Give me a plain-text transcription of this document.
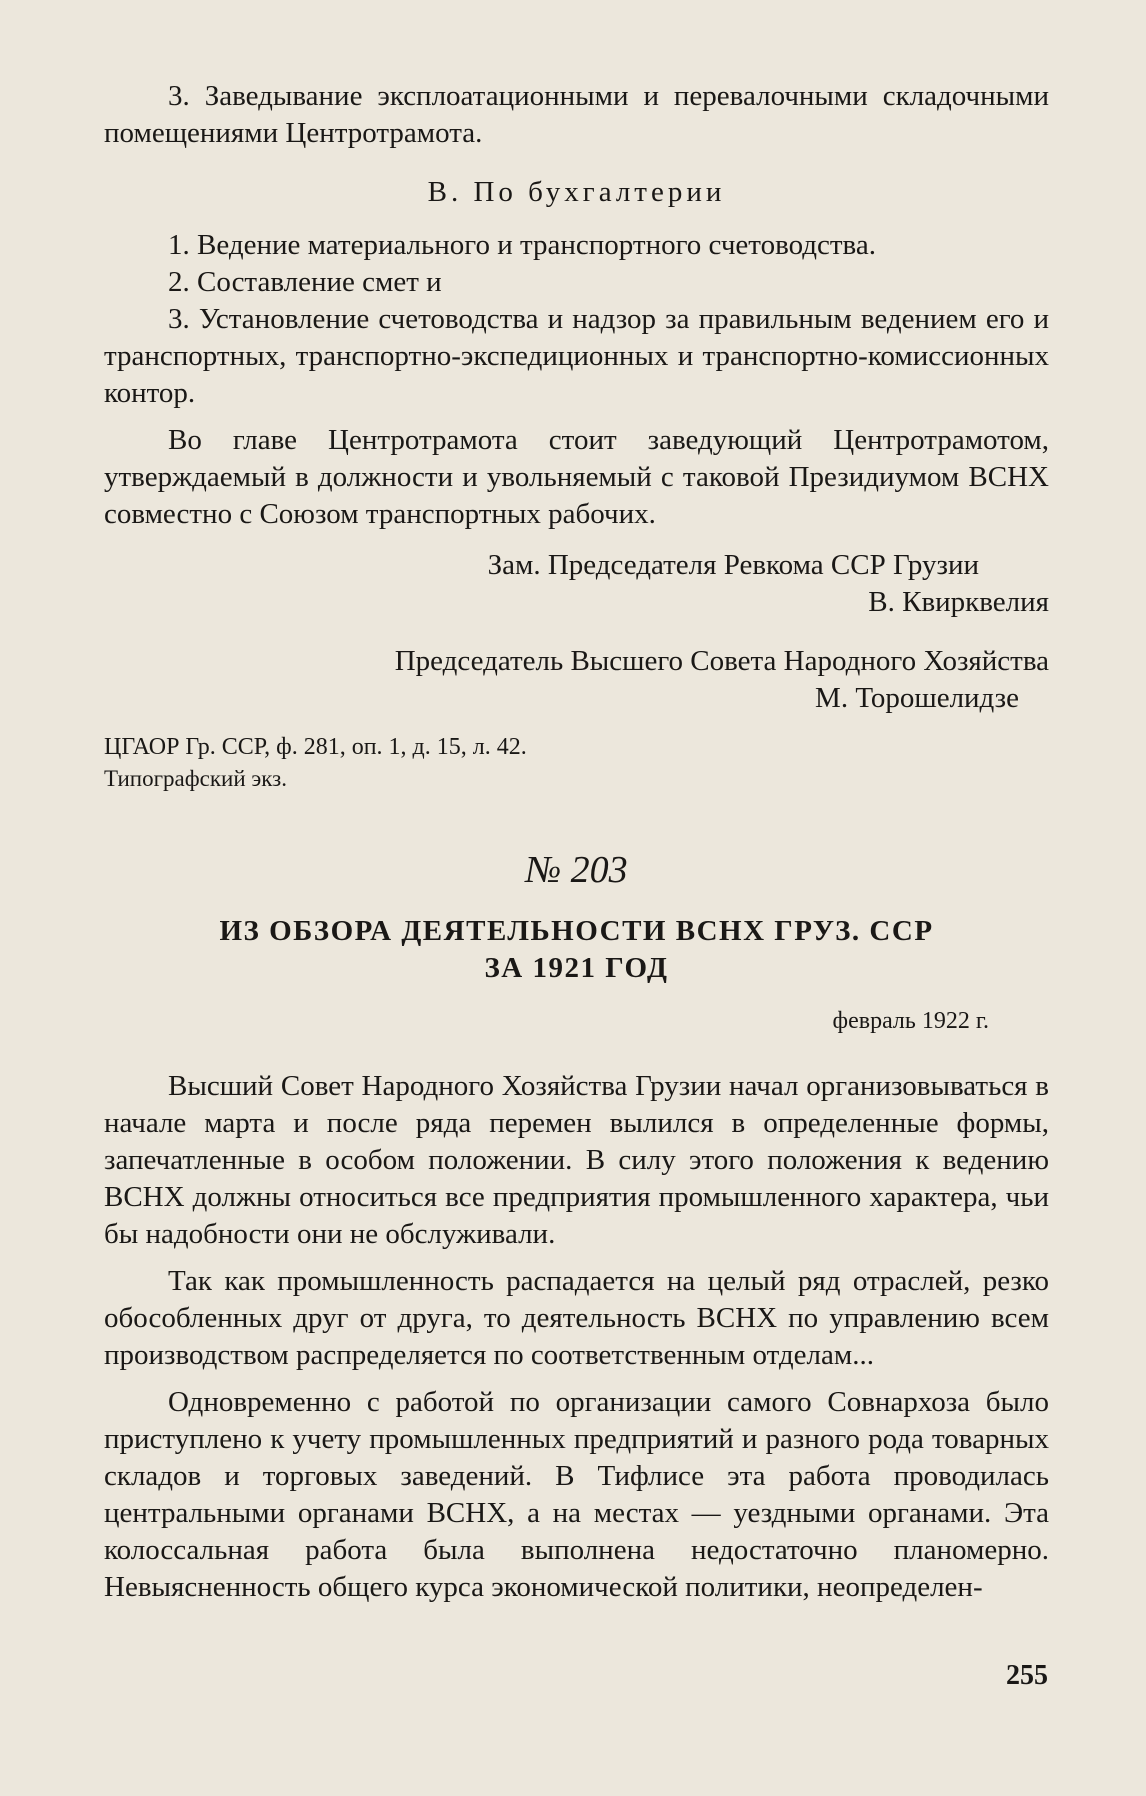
3. Заведывание эксплоатационными и перевалочными складочными помещениями Центротрамота.

В. По бухгалтерии

1. Ведение материального и транспортного счетоводства.

2. Составление смет и

3. Установление счетоводства и надзор за правильным ведением его и транспортных, транспортно-экспедиционных и транспортно-комиссионных контор.

Во главе Центротрамота стоит заведующий Центротрамотом, утверждаемый в должности и увольняемый с таковой Президиумом ВСНХ совместно с Союзом транспортных рабочих.

Зам. Председателя Ревкома ССР Грузии

В. Квирквелия

Председатель Высшего Совета Народного Хозяйства

М. Торошелидзе

ЦГАОР Гр. ССР, ф. 281, оп. 1, д. 15, л. 42.

Типографский экз.

№ 203

ИЗ ОБЗОРА ДЕЯТЕЛЬНОСТИ ВСНХ ГРУЗ. ССР

ЗА 1921 ГОД

февраль 1922 г.

Высший Совет Народного Хозяйства Грузии начал организовываться в начале марта и после ряда перемен вылился в определенные формы, запечатленные в особом положении. В силу этого положения к ведению ВСНХ должны относиться все предприятия промышленного характера, чьи бы надобности они не обслуживали.

Так как промышленность распадается на целый ряд отраслей, резко обособленных друг от друга, то деятельность ВСНХ по управлению всем производством распределяется по соответственным отделам...

Одновременно с работой по организации самого Совнархоза было приступлено к учету промышленных предприятий и разного рода товарных складов и торговых заведений. В Тифлисе эта работа проводилась центральными органами ВСНХ, а на местах — уездными органами. Эта колоссальная работа была выполнена недостаточно планомерно. Невыясненность общего курса экономической политики, неопределен-

255
